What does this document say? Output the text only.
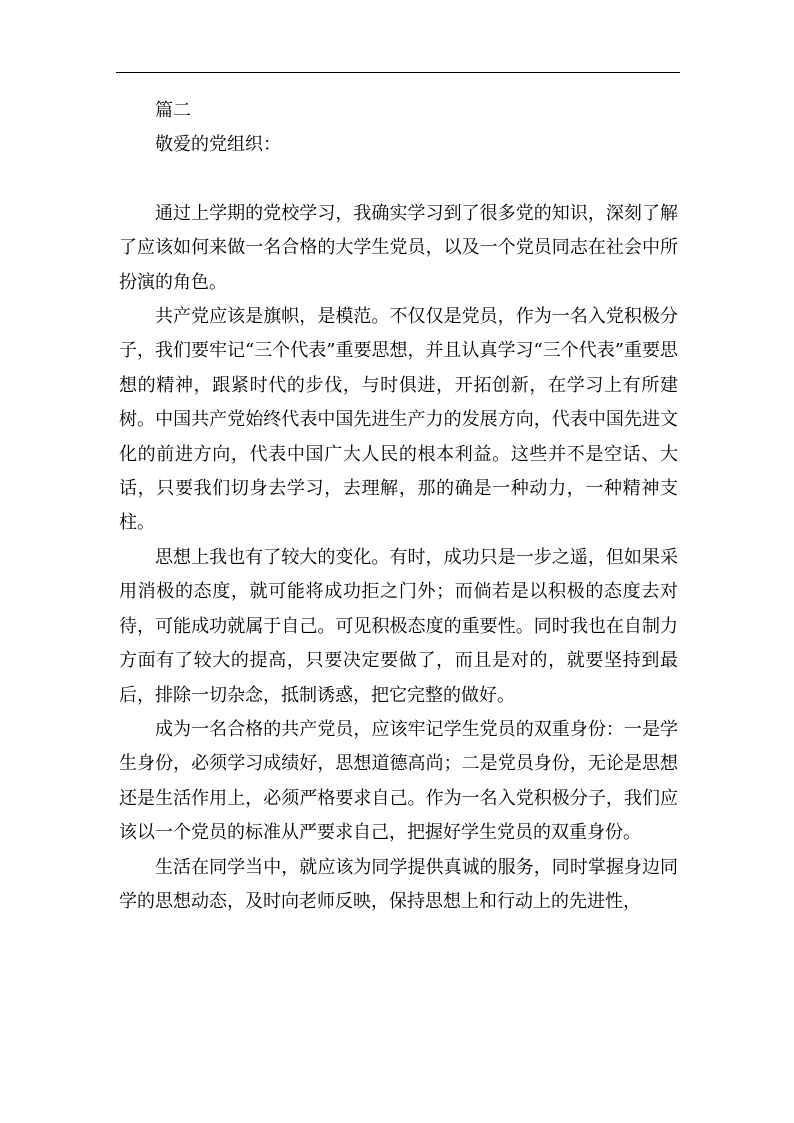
篇二

敬爱的党组织：

通过上学期的党校学习，我确实学习到了很多党的知识，深刻了解了应该如何来做一名合格的大学生党员，以及一个党员同志在社会中所扮演的角色。

共产党应该是旗帜，是模范。不仅仅是党员，作为一名入党积极分子，我们要牢记“三个代表”重要思想，并且认真学习“三个代表”重要思想的精神，跟紧时代的步伐，与时俱进，开拓创新，在学习上有所建树。中国共产党始终代表中国先进生产力的发展方向，代表中国先进文化的前进方向，代表中国广大人民的根本利益。这些并不是空话、大话，只要我们切身去学习，去理解，那的确是一种动力，一种精神支柱。

思想上我也有了较大的变化。有时，成功只是一步之遥，但如果采用消极的态度，就可能将成功拒之门外；而倘若是以积极的态度去对待，可能成功就属于自己。可见积极态度的重要性。同时我也在自制力方面有了较大的提高，只要决定要做了，而且是对的，就要坚持到最后，排除一切杂念，抵制诱惑，把它完整的做好。

成为一名合格的共产党员，应该牢记学生党员的双重身份：一是学生身份，必须学习成绩好，思想道德高尚；二是党员身份，无论是思想还是生活作用上，必须严格要求自己。作为一名入党积极分子，我们应该以一个党员的标准从严要求自己，把握好学生党员的双重身份。

生活在同学当中，就应该为同学提供真诚的服务，同时掌握身边同学的思想动态，及时向老师反映，保持思想上和行动上的先进性，
